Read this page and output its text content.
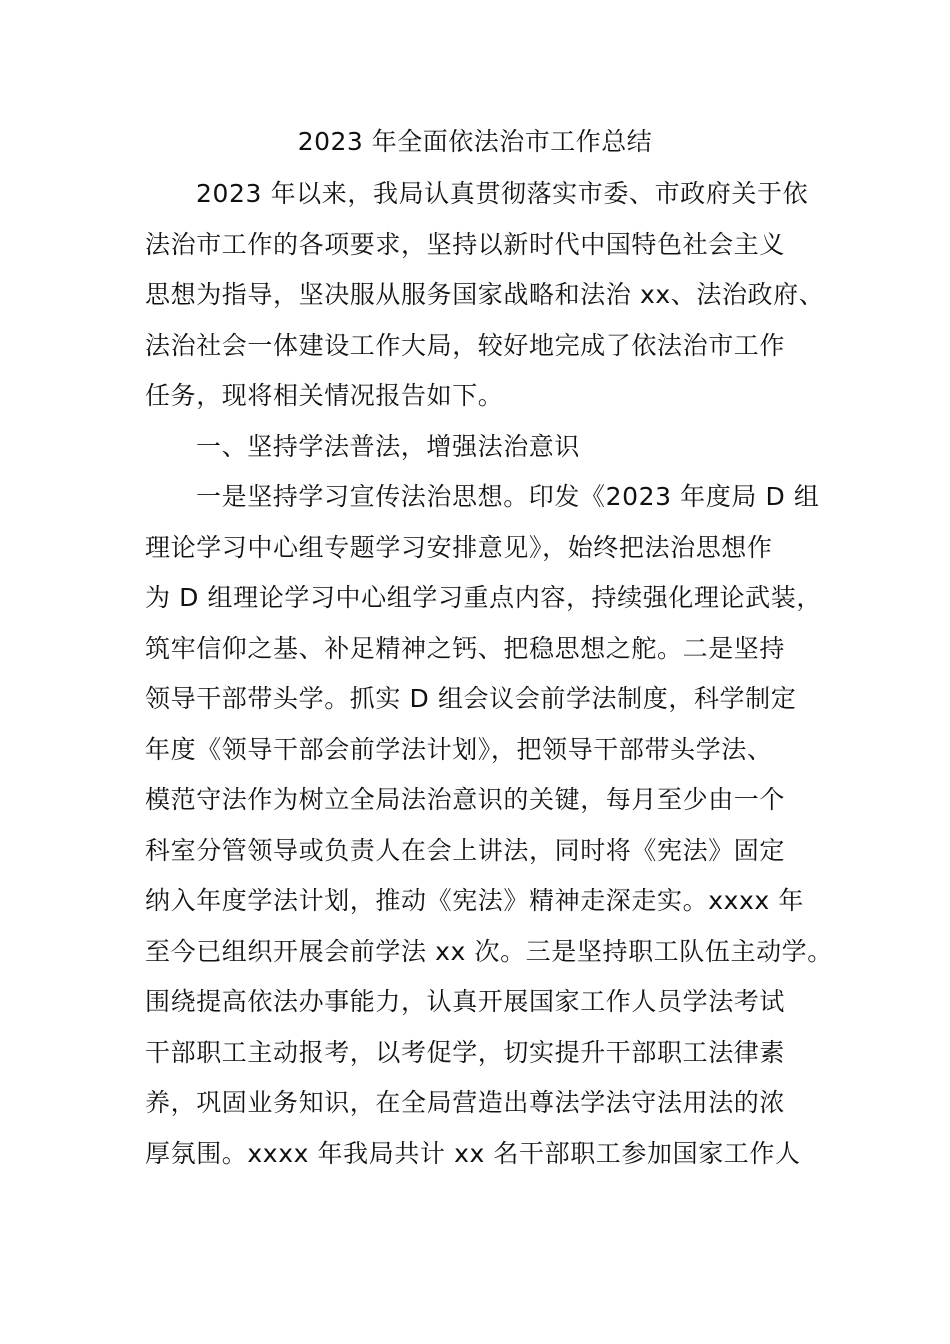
2023 年全面依法治市工作总结
2023 年以来，我局认真贯彻落实市委、市政府关于依
法治市工作的各项要求，坚持以新时代中国特色社会主义
思想为指导，坚决服从服务国家战略和法治 xx、法治政府、
法治社会一体建设工作大局，较好地完成了依法治市工作
任务，现将相关情况报告如下。
一、坚持学法普法，增强法治意识
一是坚持学习宣传法治思想。印发《2023 年度局 D 组
理论学习中心组专题学习安排意见》，始终把法治思想作
为 D 组理论学习中心组学习重点内容，持续强化理论武装，
筑牢信仰之基、补足精神之钙、把稳思想之舵。二是坚持
领导干部带头学。抓实 D 组会议会前学法制度，科学制定
年度《领导干部会前学法计划》，把领导干部带头学法、
模范守法作为树立全局法治意识的关键，每月至少由一个
科室分管领导或负责人在会上讲法，同时将《宪法》固定
纳入年度学法计划，推动《宪法》精神走深走实。xxxx 年
至今已组织开展会前学法 xx 次。三是坚持职工队伍主动学。
围绕提高依法办事能力，认真开展国家工作人员学法考试
干部职工主动报考，以考促学，切实提升干部职工法律素
养，巩固业务知识，在全局营造出尊法学法守法用法的浓
厚氛围。xxxx 年我局共计 xx 名干部职工参加国家工作人
